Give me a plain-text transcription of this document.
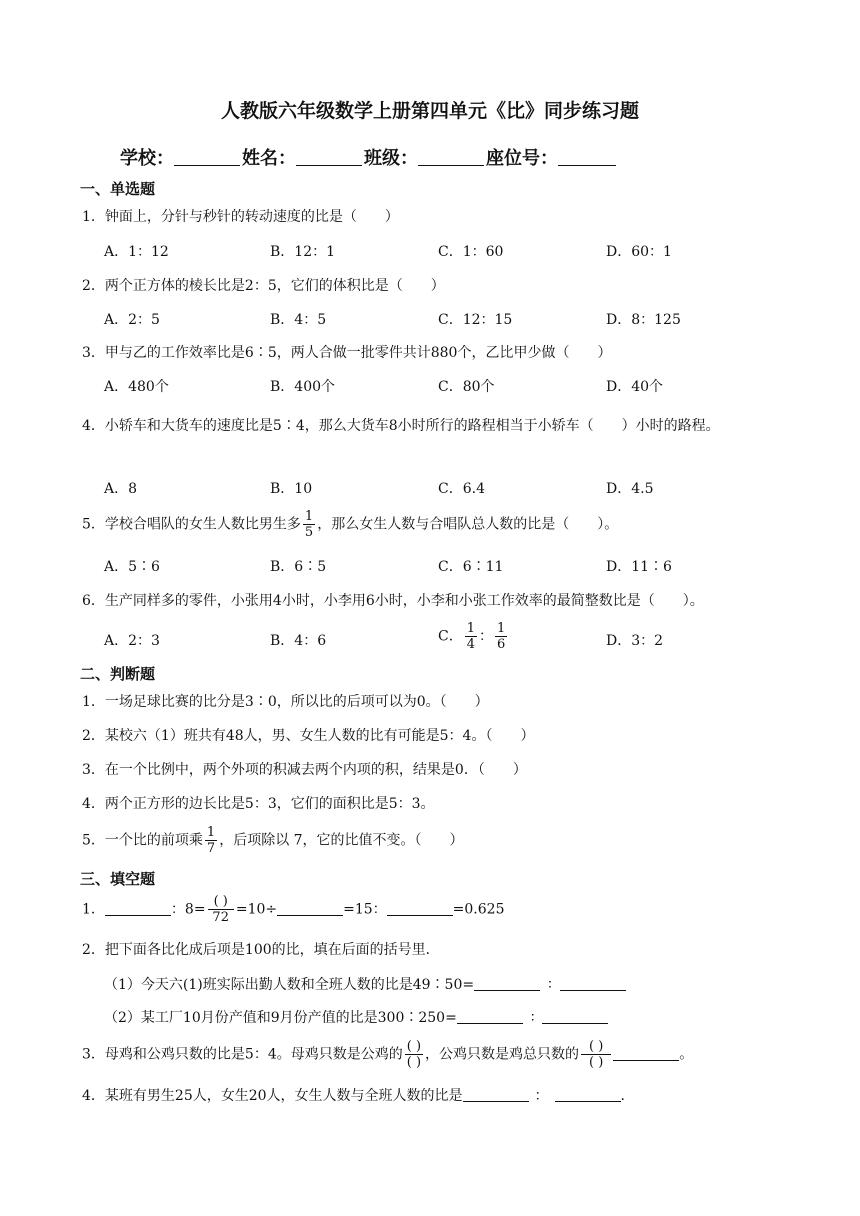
人教版六年级数学上册第四单元《比》同步练习题
学校：	姓名：	班级：	座位号：
一、单选题
1．钟面上，分针与秒针的转动速度的比是（　　）
A．1：12	B．12：1	C．1：60	D．60：1
2．两个正方体的棱长比是2：5，它们的体积比是（　　）
A．2：5	B．4：5	C．12：15	D．8：125
3．甲与乙的工作效率比是6∶5，两人合做一批零件共计880个，乙比甲少做（　　）
A．480个	B．400个	C．80个	D．40个
4．小轿车和大货车的速度比是5∶4，那么大货车8小时所行的路程相当于小轿车（　　）小时的路程。
A．8	B．10	C．6.4	D．4.5
5．学校合唱队的女生人数比男生多 $\frac{1}{5}$ ，那么女生人数与合唱队总人数的比是（　　）。
A．5∶6	B．6∶5	C．6∶11	D．11∶6
6．生产同样多的零件，小张用4小时，小李用6小时，小李和小张工作效率的最简整数比是（　　）。
A．2：3	B．4：6	C． $\frac{1}{4}$ ： $\frac{1}{6}$	D．3：2
二、判断题
1．一场足球比赛的比分是3∶0，所以比的后项可以为0。（　　）
2．某校六（1）班共有48人，男、女生人数的比有可能是5：4。（　　）
3．在一个比例中，两个外项的积减去两个内项的积，结果是0．（　　）
4．两个正方形的边长比是5：3，它们的面积比是5：3。
5．一个比的前项乘 $\frac{1}{7}$ ，后项除以 7，它的比值不变。（　　）
三、填空题
1．	：$8= \frac{( )}{72} =10\div$	=15：	=0.625
2．把下面各比化成后项是100的比，填在后面的括号里．
（1）今天六(1)班实际出勤人数和全班人数的比是49∶50=	∶
（2）某工厂10月份产值和9月份产值的比是300∶250=	∶
3．母鸡和公鸡只数的比是5：4。母鸡只数是公鸡的 $\frac{( )}{( )}$ ，公鸡只数是鸡总只数的 $\frac{( )}{( )}$	。
4．某班有男生25人，女生20人，女生人数与全班人数的比是	：	.
